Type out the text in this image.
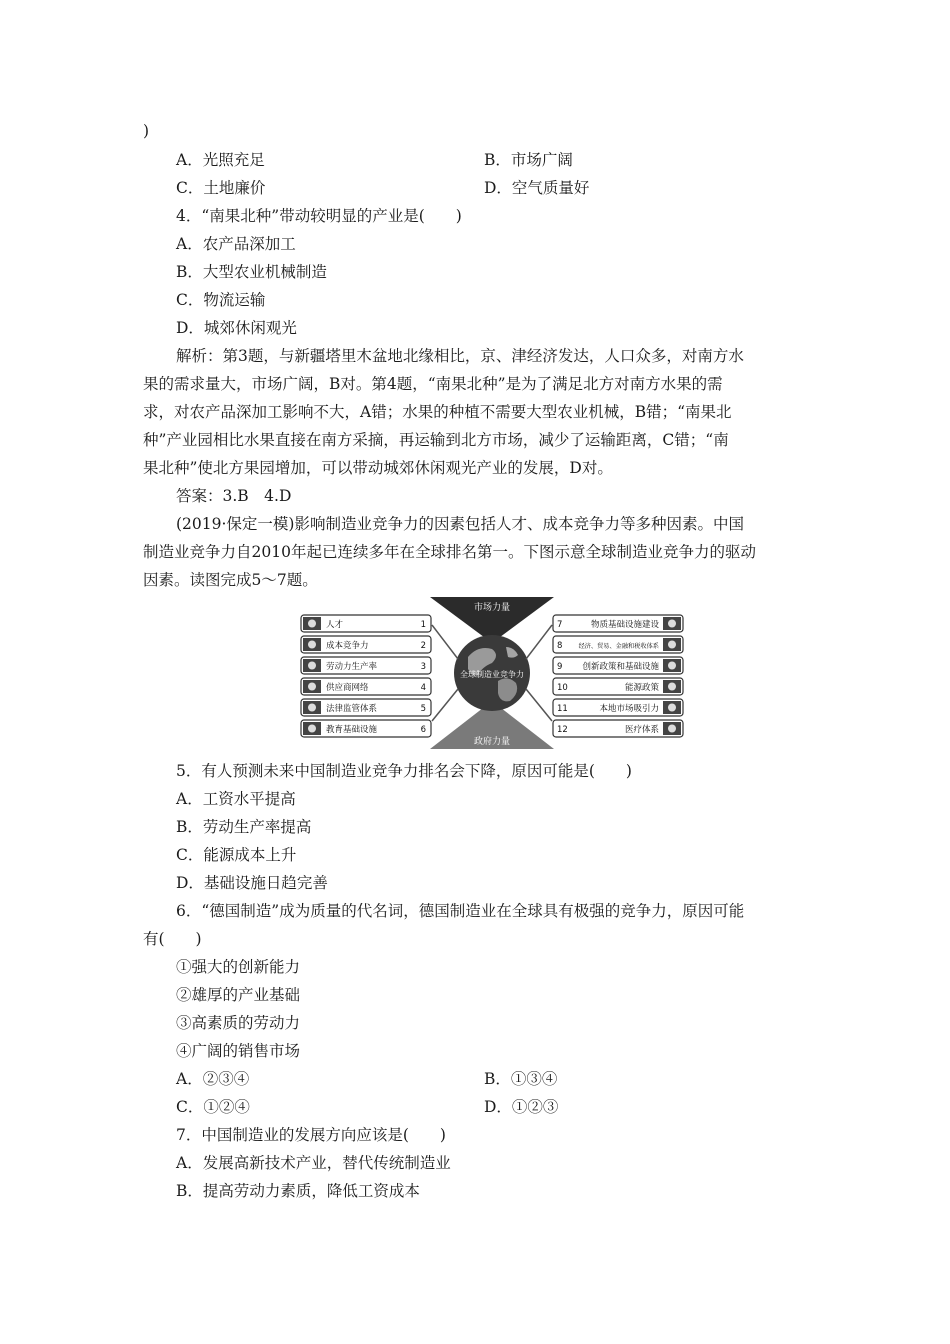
)
A．光照充足	B．市场广阔
C．土地廉价	D．空气质量好
4．“南果北种”带动较明显的产业是(　　)
A．农产品深加工
B．大型农业机械制造
C．物流运输
D．城郊休闲观光
解析：第3题，与新疆塔里木盆地北缘相比，京、津经济发达，人口众多，对南方水
果的需求量大，市场广阔，B对。第4题，“南果北种”是为了满足北方对南方水果的需
求，对农产品深加工影响不大，A错；水果的种植不需要大型农业机械，B错；“南果北
种”产业园相比水果直接在南方采摘，再运输到北方市场，减少了运输距离，C错；“南
果北种”使北方果园增加，可以带动城郊休闲观光产业的发展，D对。
答案：3.B　4.D
(2019·保定一模)影响制造业竞争力的因素包括人才、成本竞争力等多种因素。中国
制造业竞争力自2010年起已连续多年在全球排名第一。下图示意全球制造业竞争力的驱动
因素。读图完成5～7题。
市场力量
政府力量
全球制造业竞争力
人才	1
成本竞争力	2
劳动力生产率	3
供应商网络	4
法律监管体系	5
教育基础设施	6
7	物质基础设施建设
8	经济、贸易、金融和税收体系
9 创新政策和基础设施
10	能源政策
11	本地市场吸引力
12	医疗体系
5．有人预测未来中国制造业竞争力排名会下降，原因可能是(　　)
A．工资水平提高
B．劳动生产率提高
C．能源成本上升
D．基础设施日趋完善
6．“德国制造”成为质量的代名词，德国制造业在全球具有极强的竞争力，原因可能
有(　　)
①强大的创新能力
②雄厚的产业基础
③高素质的劳动力
④广阔的销售市场
A．②③④	B．①③④
C．①②④	D．①②③
7．中国制造业的发展方向应该是(　　)
A．发展高新技术产业，替代传统制造业
B．提高劳动力素质，降低工资成本
